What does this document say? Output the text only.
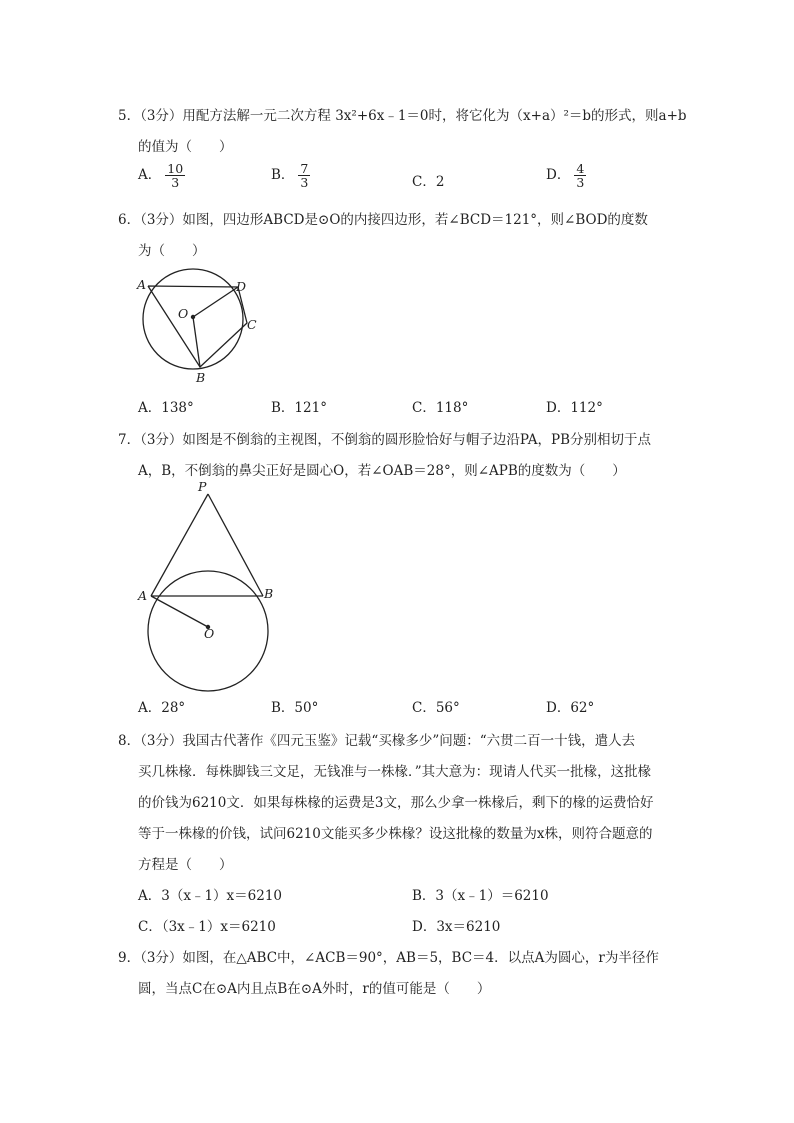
5．（3分）用配方法解一元二次方程 3x²+6x﹣1＝0时，将它化为（x+a）²＝b的形式，则a+b
的值为（　　）
A． $\frac{10}{3}$	B． $\frac{7}{3}$	C．2	D． $\frac{4}{3}$
6．（3分）如图，四边形ABCD是⊙O的内接四边形，若∠BCD＝121°，则∠BOD的度数
为（　　）
A	D
O
C
B
A．138°	B．121°	C．118°	D．112°
7．（3分）如图是不倒翁的主视图，不倒翁的圆形脸恰好与帽子边沿PA，PB分别相切于点
A，B，不倒翁的鼻尖正好是圆心O，若∠OAB＝28°，则∠APB的度数为（　　）
P
A	B
O
A．28°	B．50°	C．56°	D．62°
8．（3分）我国古代著作《四元玉鉴》记载“买椽多少”问题：“六贯二百一十钱，遣人去
买几株椽．每株脚钱三文足，无钱准与一株椽．”其大意为：现请人代买一批椽，这批椽
的价钱为6210文．如果每株椽的运费是3文，那么少拿一株椽后，剩下的椽的运费恰好
等于一株椽的价钱，试问6210文能买多少株椽？设这批椽的数量为x株，则符合题意的
方程是（　　）
A．3（x﹣1）x＝6210	B．3（x﹣1）＝6210
C．（3x﹣1）x＝6210	D．3x＝6210
9．（3分）如图，在△ABC中，∠ACB＝90°，AB＝5，BC＝4．以点A为圆心，r为半径作
圆，当点C在⊙A内且点B在⊙A外时，r的值可能是（　　）
